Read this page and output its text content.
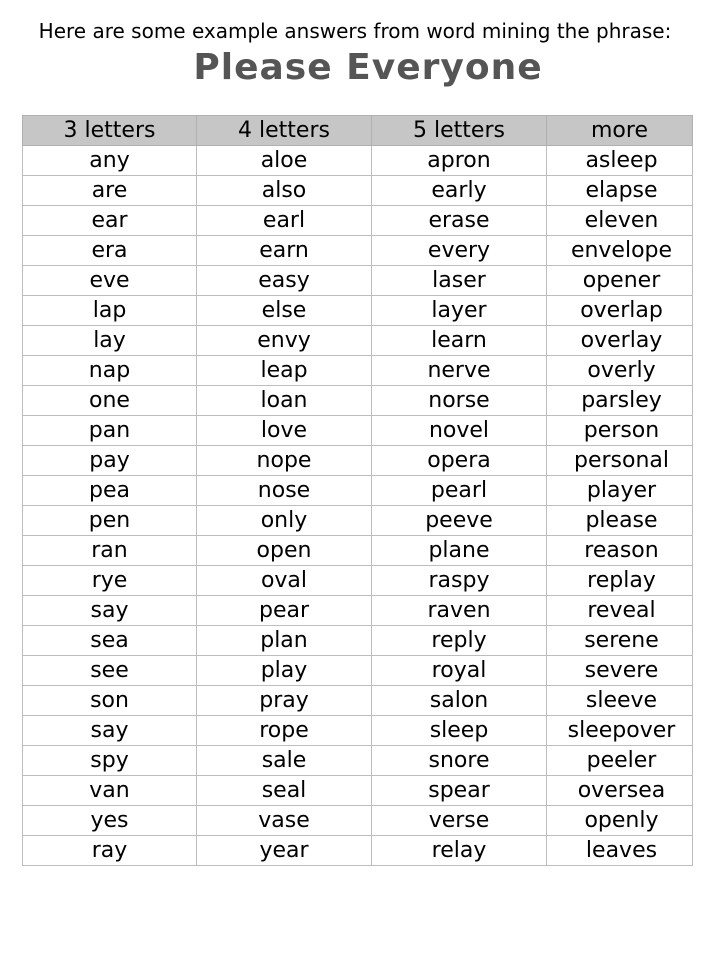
Here are some example answers from word mining the phrase:
Please Everyone
3 letters	4 letters	5 letters	more
any	aloe	apron	asleep
are	also	early	elapse
ear	earl	erase	eleven
era	earn	every	envelope
eve	easy	laser	opener
lap	else	layer	overlap
lay	envy	learn	overlay
nap	leap	nerve	overly
one	loan	norse	parsley
pan	love	novel	person
pay	nope	opera	personal
pea	nose	pearl	player
pen	only	peeve	please
ran	open	plane	reason
rye	oval	raspy	replay
say	pear	raven	reveal
sea	plan	reply	serene
see	play	royal	severe
son	pray	salon	sleeve
say	rope	sleep	sleepover
spy	sale	snore	peeler
van	seal	spear	oversea
yes	vase	verse	openly
ray	year	relay	leaves
